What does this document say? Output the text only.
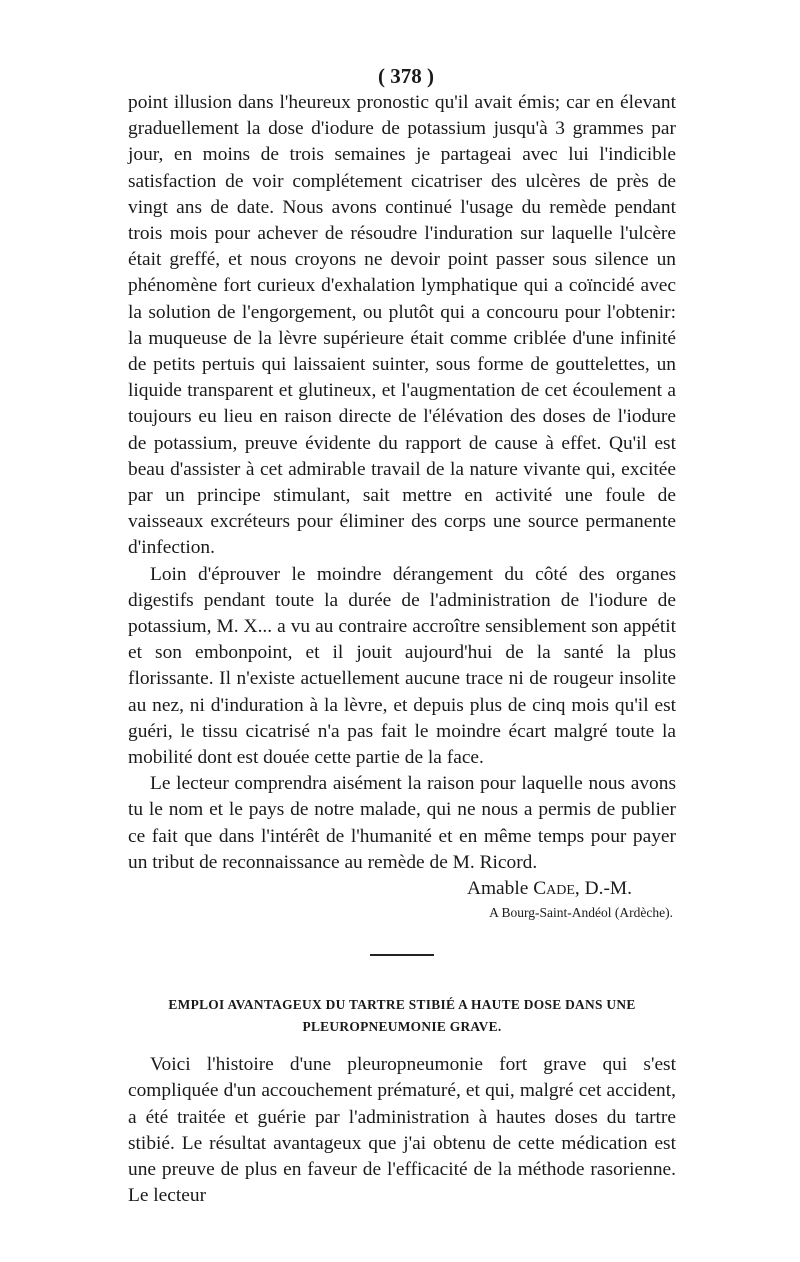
( 378 )

point illusion dans l'heureux pronostic qu'il avait émis; car en élevant graduellement la dose d'iodure de potassium jusqu'à 3 grammes par jour, en moins de trois semaines je partageai avec lui l'indicible satisfaction de voir complétement cicatriser des ulcères de près de vingt ans de date. Nous avons continué l'usage du remède pendant trois mois pour achever de résoudre l'induration sur laquelle l'ulcère était greffé, et nous croyons ne devoir point passer sous silence un phénomène fort curieux d'exhalation lymphatique qui a coïncidé avec la solution de l'engorgement, ou plutôt qui a concouru pour l'obtenir: la muqueuse de la lèvre supérieure était comme criblée d'une infinité de petits pertuis qui laissaient suinter, sous forme de gouttelettes, un liquide transparent et glutineux, et l'augmentation de cet écoulement a toujours eu lieu en raison directe de l'élévation des doses de l'iodure de potassium, preuve évidente du rapport de cause à effet. Qu'il est beau d'assister à cet admirable travail de la nature vivante qui, excitée par un principe stimulant, sait mettre en activité une foule de vaisseaux excréteurs pour éliminer des corps une source permanente d'infection.

Loin d'éprouver le moindre dérangement du côté des organes digestifs pendant toute la durée de l'administration de l'iodure de potassium, M. X... a vu au contraire accroître sensiblement son appétit et son embonpoint, et il jouit aujourd'hui de la santé la plus florissante. Il n'existe actuellement aucune trace ni de rougeur insolite au nez, ni d'induration à la lèvre, et depuis plus de cinq mois qu'il est guéri, le tissu cicatrisé n'a pas fait le moindre écart malgré toute la mobilité dont est douée cette partie de la face.

Le lecteur comprendra aisément la raison pour laquelle nous avons tu le nom et le pays de notre malade, qui ne nous a permis de publier ce fait que dans l'intérêt de l'humanité et en même temps pour payer un tribut de reconnaissance au remède de M. Ricord.

Amable Cade, D.-M.

A Bourg-Saint-Andéol (Ardèche).

EMPLOI AVANTAGEUX DU TARTRE STIBIÉ A HAUTE DOSE DANS UNE
PLEUROPNEUMONIE GRAVE.

Voici l'histoire d'une pleuropneumonie fort grave qui s'est compliquée d'un accouchement prématuré, et qui, malgré cet accident, a été traitée et guérie par l'administration à hautes doses du tartre stibié. Le résultat avantageux que j'ai obtenu de cette médication est une preuve de plus en faveur de l'efficacité de la méthode rasorienne. Le lecteur
